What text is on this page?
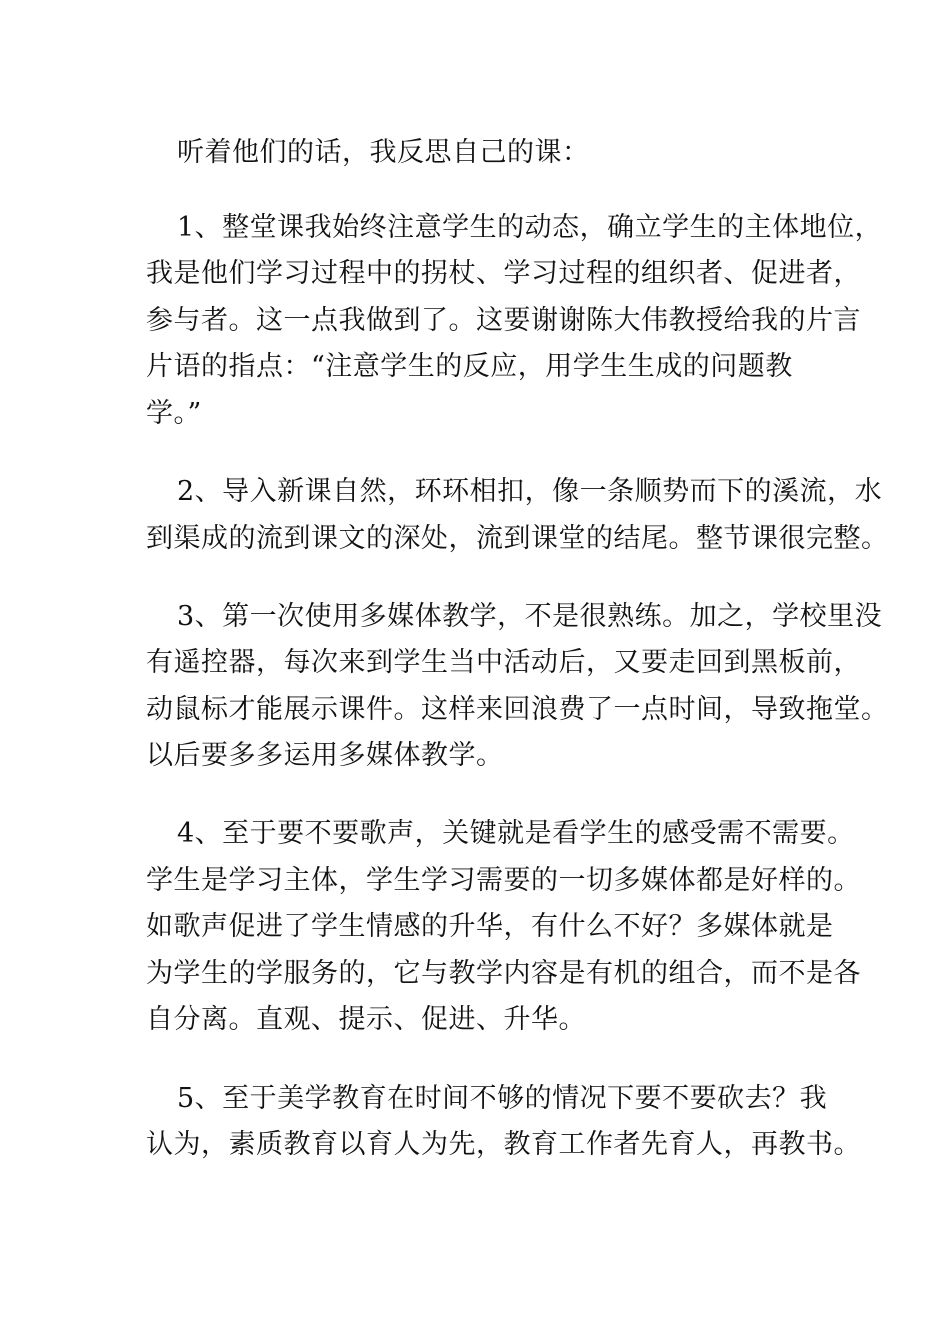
听着他们的话，我反思自己的课：
1、整堂课我始终注意学生的动态，确立学生的主体地位，
我是他们学习过程中的拐杖、学习过程的组织者、促进者，
参与者。这一点我做到了。这要谢谢陈大伟教授给我的片言
片语的指点：“注意学生的反应，用学生生成的问题教
学。”
2、导入新课自然，环环相扣，像一条顺势而下的溪流，水
到渠成的流到课文的深处，流到课堂的结尾。整节课很完整。
3、第一次使用多媒体教学，不是很熟练。加之，学校里没
有遥控器，每次来到学生当中活动后，又要走回到黑板前，
动鼠标才能展示课件。这样来回浪费了一点时间，导致拖堂。
以后要多多运用多媒体教学。
4、至于要不要歌声，关键就是看学生的感受需不需要。
学生是学习主体，学生学习需要的一切多媒体都是好样的。
如歌声促进了学生情感的升华，有什么不好？多媒体就是
为学生的学服务的，它与教学内容是有机的组合，而不是各
自分离。直观、提示、促进、升华。
5、至于美学教育在时间不够的情况下要不要砍去？我
认为，素质教育以育人为先，教育工作者先育人，再教书。
